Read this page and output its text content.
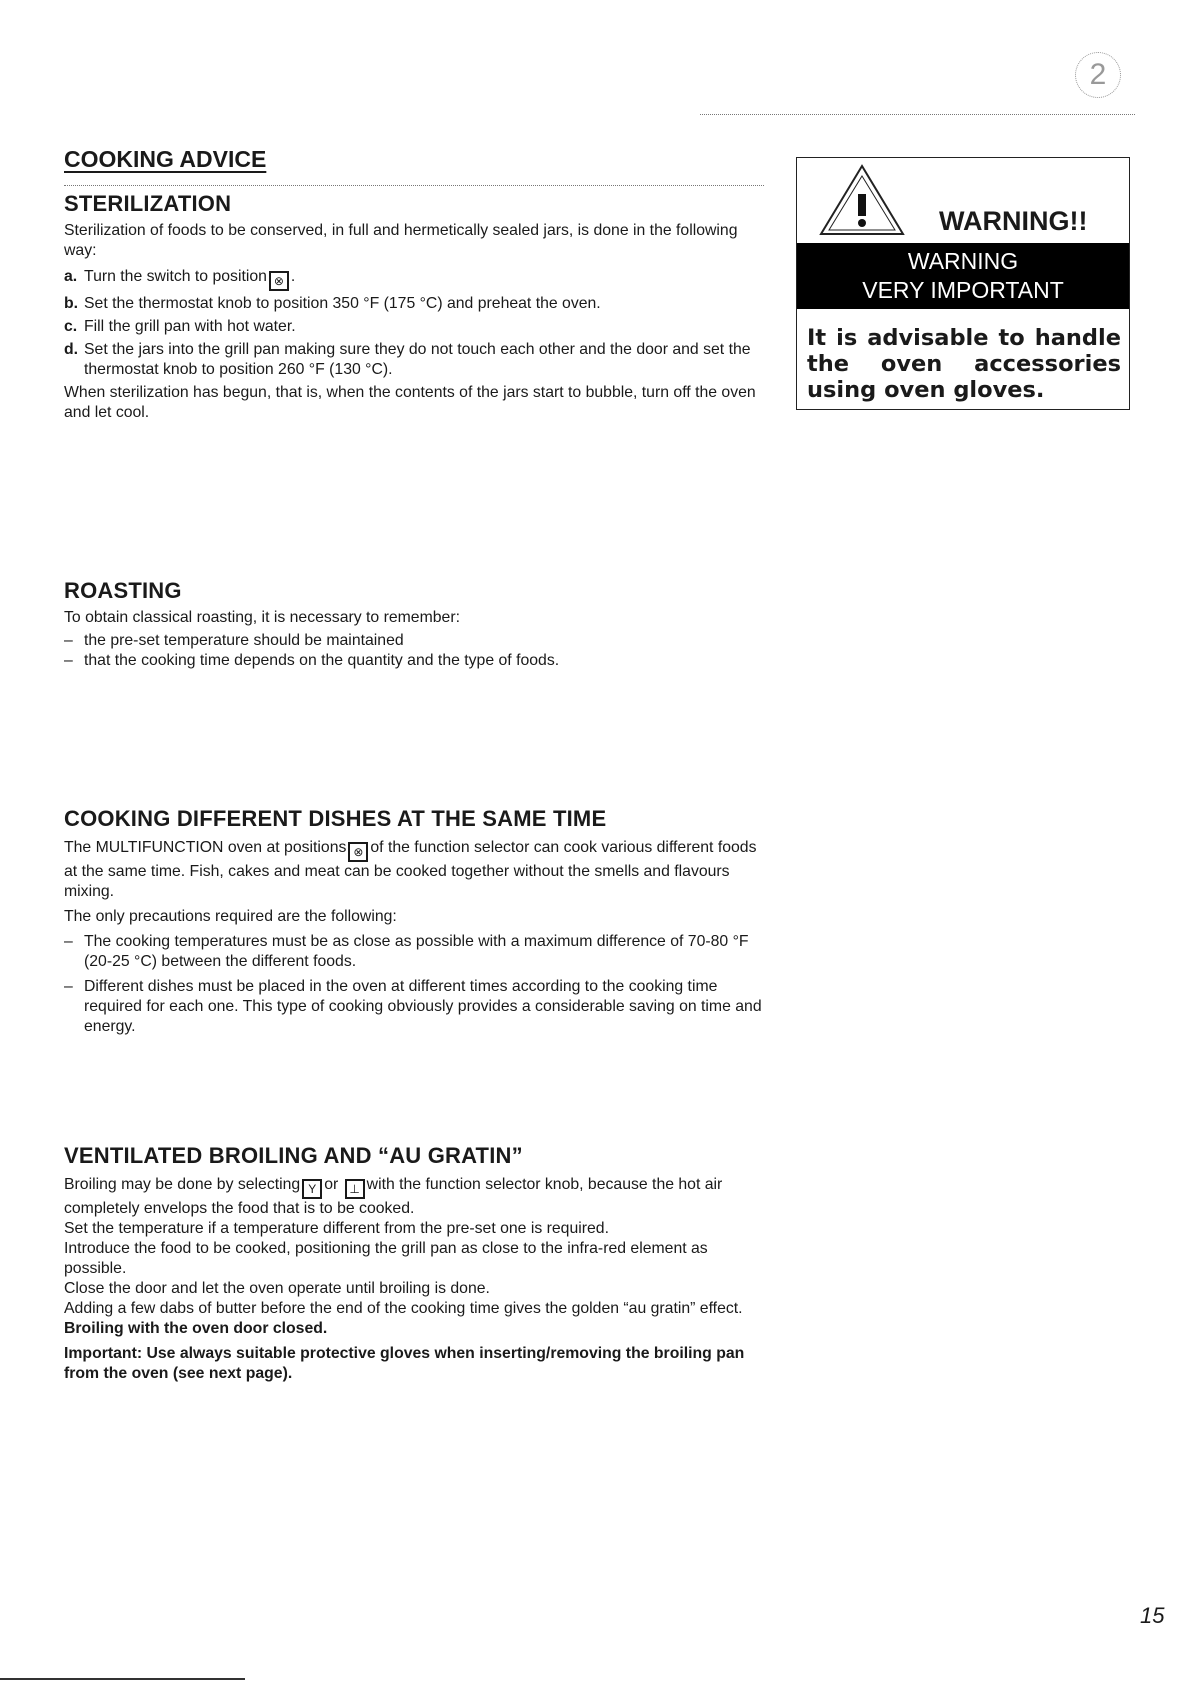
2
COOKING ADVICE
STERILIZATION

Sterilization of foods to be conserved, in full and hermetically sealed jars, is done in the following way:

a. Turn the switch to position ⊗ .
b. Set the thermostat knob to position 350 °F (175 °C) and preheat the oven.
c. Fill the grill pan with hot water.
d. Set the jars into the grill pan making sure they do not touch each other and the door and set the thermostat knob to position 260 °F (130 °C).

When sterilization has begun, that is, when the contents of the jars start to bubble, turn off the oven and let cool.

WARNING!!
WARNING
VERY IMPORTANT
It is advisable to handle the oven accessories using oven gloves.
ROASTING

To obtain classical roasting, it is necessary to remember:

– the pre-set temperature should be maintained
– that the cooking time depends on the quantity and the type of foods.
COOKING DIFFERENT DISHES AT THE SAME TIME

The MULTIFUNCTION oven at positions ⊗ of the function selector can cook various different foods at the same time. Fish, cakes and meat can be cooked together without the smells and flavours mixing.

The only precautions required are the following:

– The cooking temperatures must be as close as possible with a maximum difference of 70-80 °F (20-25 °C) between the different foods.
– Different dishes must be placed in the oven at different times according to the cooking time required for each one. This type of cooking obviously provides a considerable saving on time and energy.
VENTILATED BROILING AND “AU GRATIN”

Broiling may be done by selecting Y or ⊥ with the function selector knob, because the hot air completely envelops the food that is to be cooked.

Set the temperature if a temperature different from the pre-set one is required.

Introduce the food to be cooked, positioning the grill pan as close to the infra-red element as possible.

Close the door and let the oven operate until broiling is done.

Adding a few dabs of butter before the end of the cooking time gives the golden “au gratin” effect.

Broiling with the oven door closed.

Important: Use always suitable protective gloves when inserting/removing the broiling pan from the oven (see next page).

15
